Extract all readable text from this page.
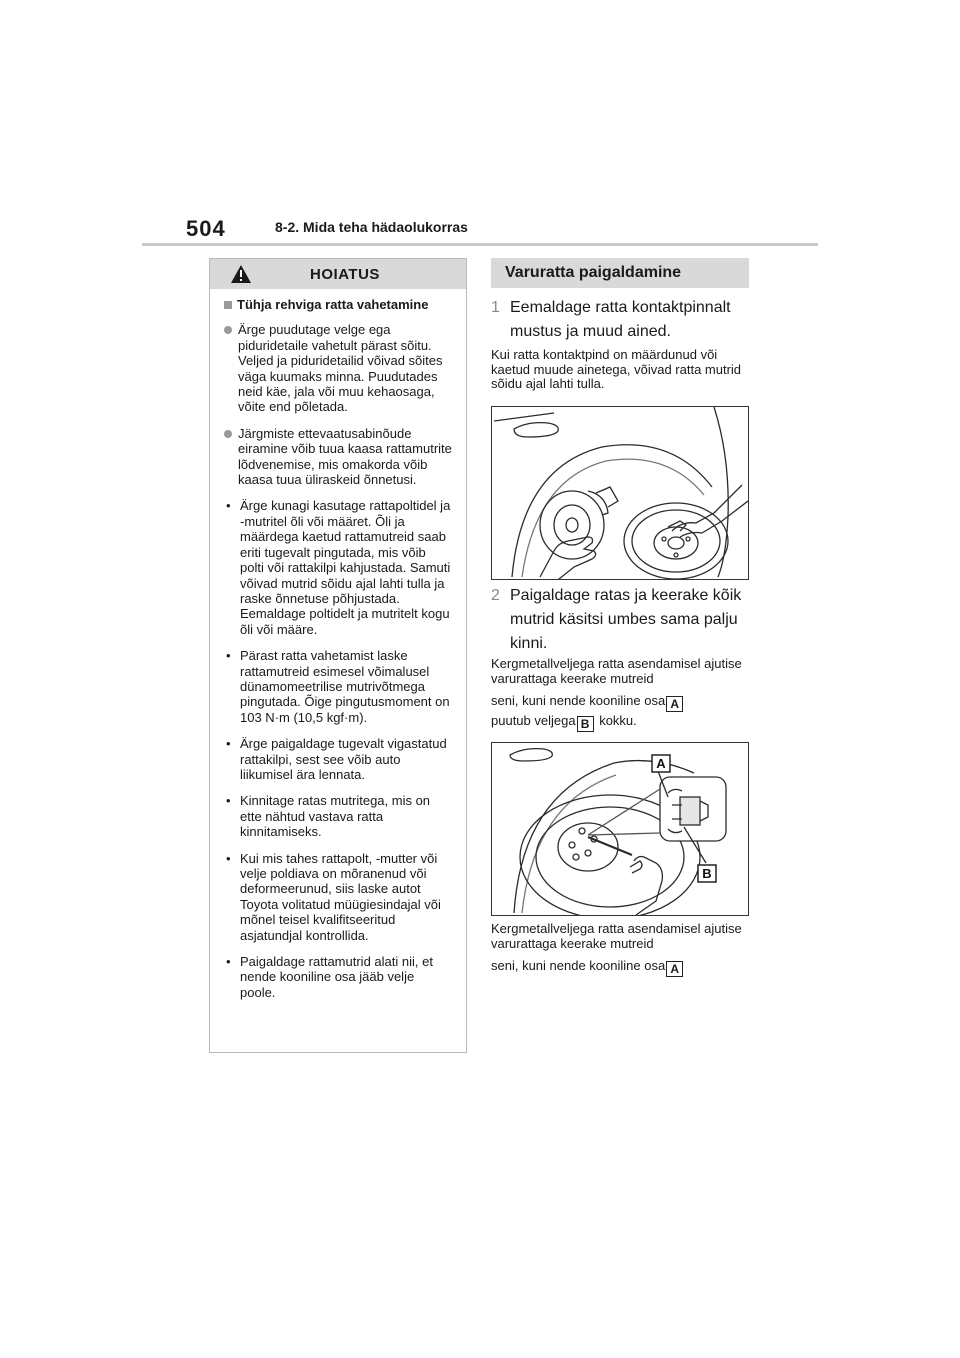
504	8-2. Mida teha hädaolukorras
HOIATUS
Tühja rehviga ratta vahetamine
Ärge puudutage velge ega piduridetaile vahetult pärast sõitu. Veljed ja piduridetailid võivad sõites väga kuumaks minna. Puudutades neid käe, jala või muu kehaosaga, võite end põletada.
Järgmiste ettevaatusabinõude eiramine võib tuua kaasa rattamutrite lõdvenemise, mis omakorda võib kaasa tuua üliraskeid õnnetusi.
• Ärge kunagi kasutage rattapoltidel ja -mutritel õli või määret. Õli ja määrdega kaetud rattamutreid saab eriti tugevalt pingutada, mis võib polti või rattakilpi kahjustada. Samuti võivad mutrid sõidu ajal lahti tulla ja raske õnnetuse põhjustada. Eemaldage poltidelt ja mutritelt kogu õli või määre.
• Pärast ratta vahetamist laske rattamutreid esimesel võimalusel dünamomeetrilise mutrivõtmega pingutada. Õige pingutusmoment on 103 N·m (10,5 kgf·m).
• Ärge paigaldage tugevalt vigastatud rattakilpi, sest see võib auto liikumisel ära lennata.
• Kinnitage ratas mutritega, mis on ette nähtud vastava ratta kinnitamiseks.
• Kui mis tahes rattapolt, -mutter või velje poldiava on mõranenud või deformeerunud, siis laske autot Toyota volitatud müügiesindajal või mõnel teisel kvalifitseeritud asjatundjal kontrollida.
• Paigaldage rattamutrid alati nii, et nende kooniline osa jääb velje poole.
Varuratta paigaldamine
1 Eemaldage ratta kontaktpinnalt mustus ja muud ained.
Kui ratta kontaktpind on määrdunud või kaetud muude ainetega, võivad ratta mutrid sõidu ajal lahti tulla.
2 Paigaldage ratas ja keerake kõik mutrid käsitsi umbes sama palju kinni.
Kergmetallveljega ratta asendamisel ajutise varurattaga keerake mutreid
seni, kuni nende kooniline osa A
puutub veljega B kokku.
A
B
Kergmetallveljega ratta asendamisel ajutise varurattaga keerake mutreid
seni, kuni nende kooniline osa A
